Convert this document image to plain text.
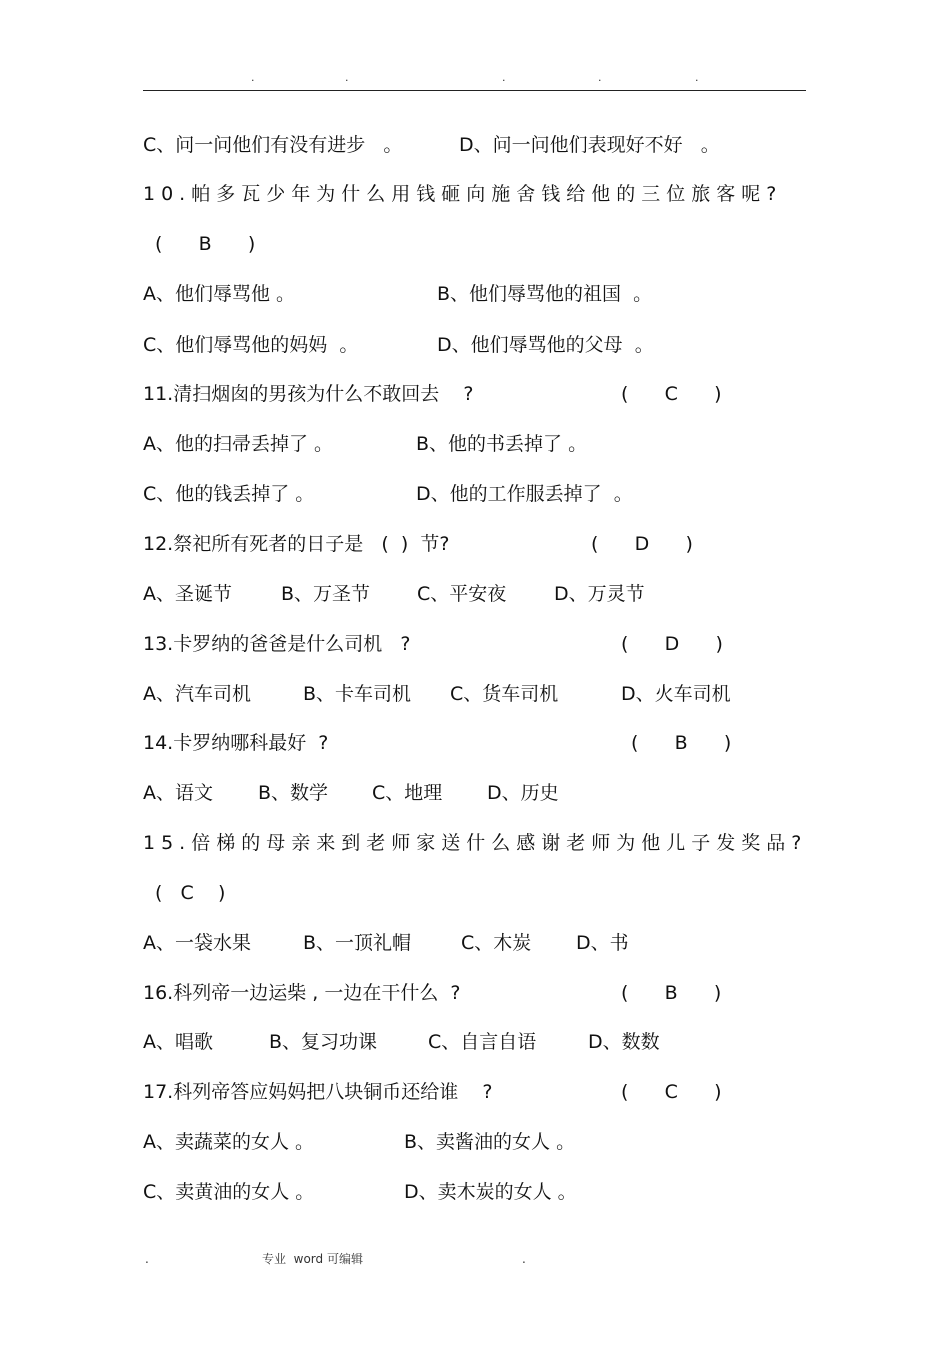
.	.	.	.	.

C、问一问他们有没有进步   。

	D、问一问他们表现好不好   。

10.帕多瓦少年为什么用钱砸向施舍钱给他的三位旅客呢?

(      B      )

A、他们辱骂他 。

	B、他们辱骂他的祖国  。

C、他们辱骂他的妈妈  。

	D、他们辱骂他的父母  。

11.清扫烟囱的男孩为什么不敢回去    ?

	(      C      )

A、他的扫帚丢掉了 。

	B、他的书丢掉了 。

C、他的钱丢掉了 。

	D、他的工作服丢掉了  。

12.祭祀所有死者的日子是   (  )  节?

	(      D      )

A、圣诞节

	B、万圣节

C、平安夜

	D、万灵节

13.卡罗纳的爸爸是什么司机   ?

	(      D      )

A、汽车司机

	B、卡车司机

C、货车司机

	D、火车司机

14.卡罗纳哪科最好  ?

	(      B      )

A、语文

B、数学

C、地理

D、历史

15.倍梯的母亲来到老师家送什么感谢老师为他儿子发奖品?

(   C    )

A、一袋水果

	B、一顶礼帽

	C、木炭

D、书

16.科列帝一边运柴 , 一边在干什么  ?

	(      B      )

A、唱歌

	B、复习功课

	C、自言自语

	D、数数

17.科列帝答应妈妈把八块铜币还给谁    ?

	(      C      )

A、卖蔬菜的女人 。

	B、卖酱油的女人 。

C、卖黄油的女人 。

	D、卖木炭的女人 。

.	专业  word 可编辑	.
